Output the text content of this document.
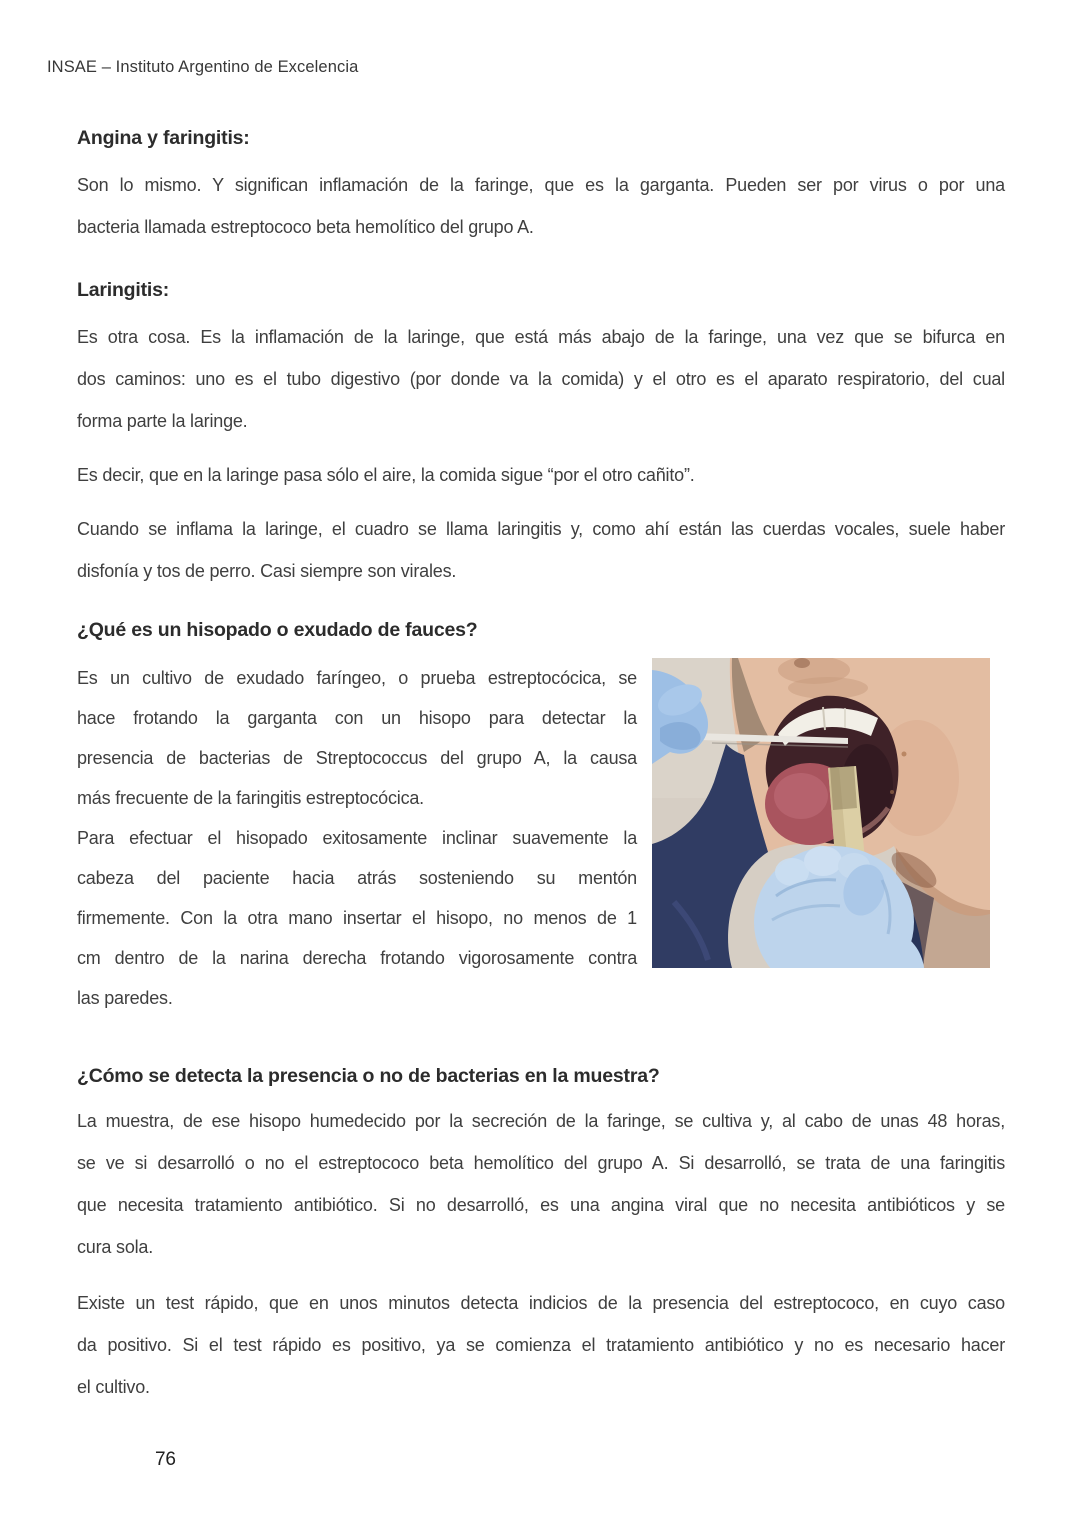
INSAE – Instituto Argentino de Excelencia
Angina y faringitis:
Son lo mismo. Y significan inflamación de la faringe, que es la garganta. Pueden ser por virus o por una
bacteria llamada estreptococo beta hemolítico del grupo A.
Laringitis:
Es otra cosa. Es la inflamación de la laringe, que está más abajo de la faringe, una vez que se bifurca en
dos caminos: uno es el tubo digestivo (por donde va la comida) y el otro es el aparato respiratorio, del cual
forma parte la laringe.
Es decir, que en la laringe pasa sólo el aire, la comida sigue “por el otro cañito”.
Cuando se inflama la laringe, el cuadro se llama laringitis y, como ahí están las cuerdas vocales, suele haber
disfonía y tos de perro. Casi siempre son virales.
¿Qué es un hisopado o exudado de fauces?
Es un cultivo de exudado faríngeo, o prueba estreptocócica, se
hace frotando la garganta con un hisopo para detectar la
presencia de bacterias de Streptococcus del grupo A, la causa
más frecuente de la faringitis estreptocócica.
Para efectuar el hisopado exitosamente inclinar suavemente la
cabeza del paciente hacia atrás sosteniendo su mentón
firmemente. Con la otra mano insertar el hisopo, no menos de 1
cm dentro de la narina derecha frotando vigorosamente contra
las paredes.
¿Cómo se detecta la presencia o no de bacterias en la muestra?
La muestra, de ese hisopo humedecido por la secreción de la faringe, se cultiva y, al cabo de unas 48 horas,
se ve si desarrolló o no el estreptococo beta hemolítico del grupo A. Si desarrolló, se trata de una faringitis
que necesita tratamiento antibiótico. Si no desarrolló, es una angina viral que no necesita antibióticos y se
cura sola.
Existe un test rápido, que en unos minutos detecta indicios de la presencia del estreptococo, en cuyo caso
da positivo. Si el test rápido es positivo, ya se comienza el tratamiento antibiótico y no es necesario hacer
el cultivo.
76
